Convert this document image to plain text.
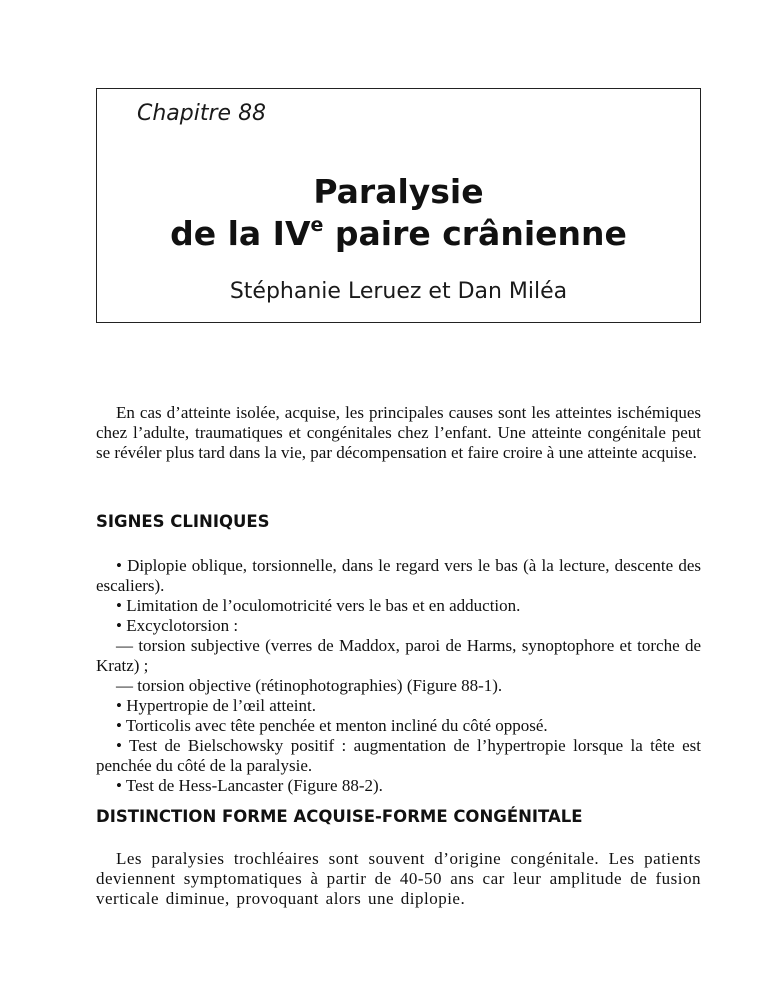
Chapitre 88
Paralysie
de la IVe paire crânienne
Stéphanie Leruez et Dan Miléa

En cas d’atteinte isolée, acquise, les principales causes sont les atteintes ischémiques chez l’adulte, traumatiques et congénitales chez l’enfant. Une atteinte congénitale peut se révéler plus tard dans la vie, par décompensation et faire croire à une atteinte acquise.

SIGNES CLINIQUES

• Diplopie oblique, torsionnelle, dans le regard vers le bas (à la lecture, descente des escaliers).

• Limitation de l’oculomotricité vers le bas et en adduction.

• Excyclotorsion :

— torsion subjective (verres de Maddox, paroi de Harms, synoptophore et torche de Kratz) ;

— torsion objective (rétinophotographies) (Figure 88-1).

• Hypertropie de l’œil atteint.

• Torticolis avec tête penchée et menton incliné du côté opposé.

• Test de Bielschowsky positif : augmentation de l’hypertropie lorsque la tête est penchée du côté de la paralysie.

• Test de Hess-Lancaster (Figure 88-2).

DISTINCTION FORME ACQUISE-FORME CONGÉNITALE

Les paralysies trochléaires sont souvent d’origine congénitale. Les patients deviennent symptomatiques à partir de 40-50 ans car leur amplitude de fusion verticale diminue, provoquant alors une diplopie.
